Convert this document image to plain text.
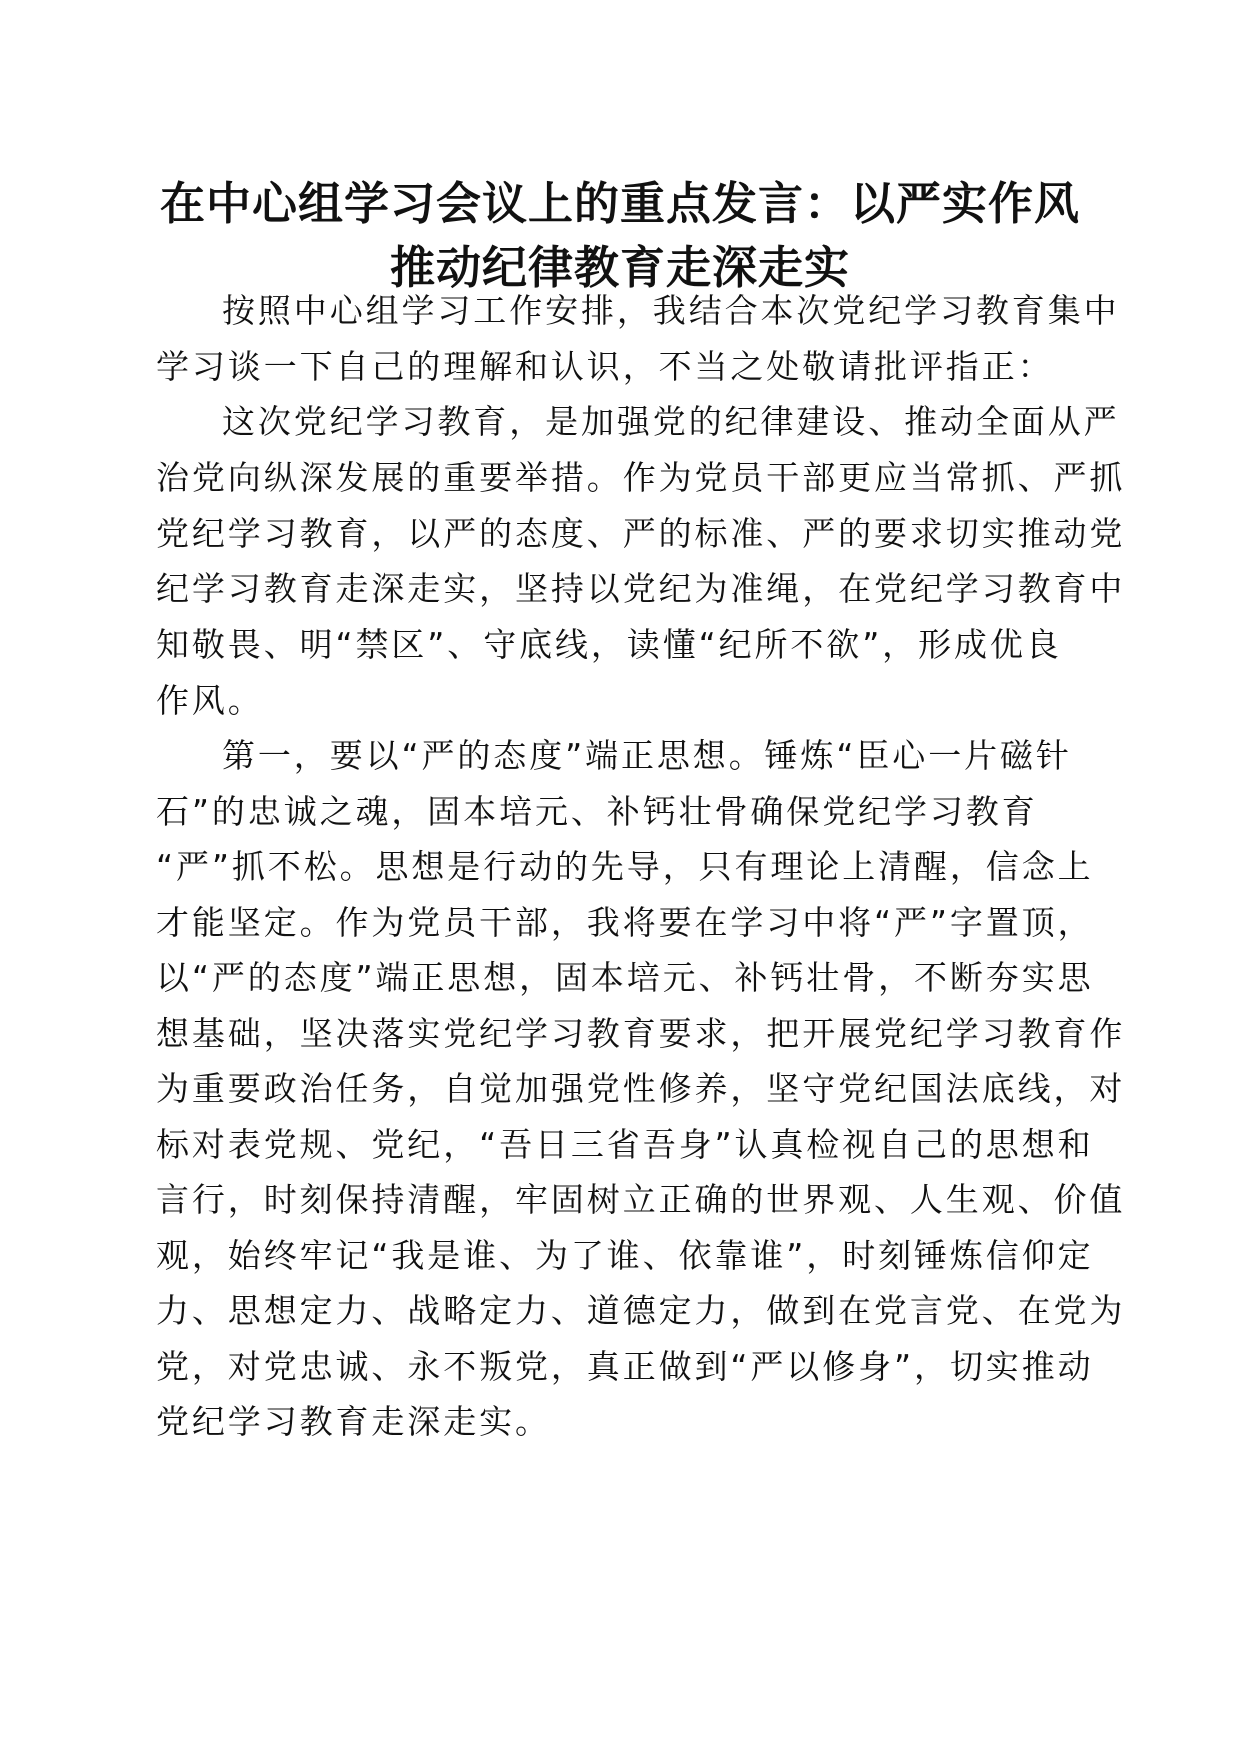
在中心组学习会议上的重点发言：以严实作风
推动纪律教育走深走实

按照中心组学习工作安排，我结合本次党纪学习教育集中

学习谈一下自己的理解和认识，不当之处敬请批评指正：

这次党纪学习教育，是加强党的纪律建设、推动全面从严

治党向纵深发展的重要举措。作为党员干部更应当常抓、严抓

党纪学习教育，以严的态度、严的标准、严的要求切实推动党

纪学习教育走深走实，坚持以党纪为准绳，在党纪学习教育中

知敬畏、明“禁区”、守底线，读懂“纪所不欲”，形成优良

作风。

第一，要以“严的态度”端正思想。锤炼“臣心一片磁针

石”的忠诚之魂，固本培元、补钙壮骨确保党纪学习教育

“严”抓不松。思想是行动的先导，只有理论上清醒，信念上

才能坚定。作为党员干部，我将要在学习中将“严”字置顶，

以“严的态度”端正思想，固本培元、补钙壮骨，不断夯实思

想基础，坚决落实党纪学习教育要求，把开展党纪学习教育作

为重要政治任务，自觉加强党性修养，坚守党纪国法底线，对

标对表党规、党纪，“吾日三省吾身”认真检视自己的思想和

言行，时刻保持清醒，牢固树立正确的世界观、人生观、价值

观，始终牢记“我是谁、为了谁、依靠谁”，时刻锤炼信仰定

力、思想定力、战略定力、道德定力，做到在党言党、在党为

党，对党忠诚、永不叛党，真正做到“严以修身”，切实推动

党纪学习教育走深走实。
